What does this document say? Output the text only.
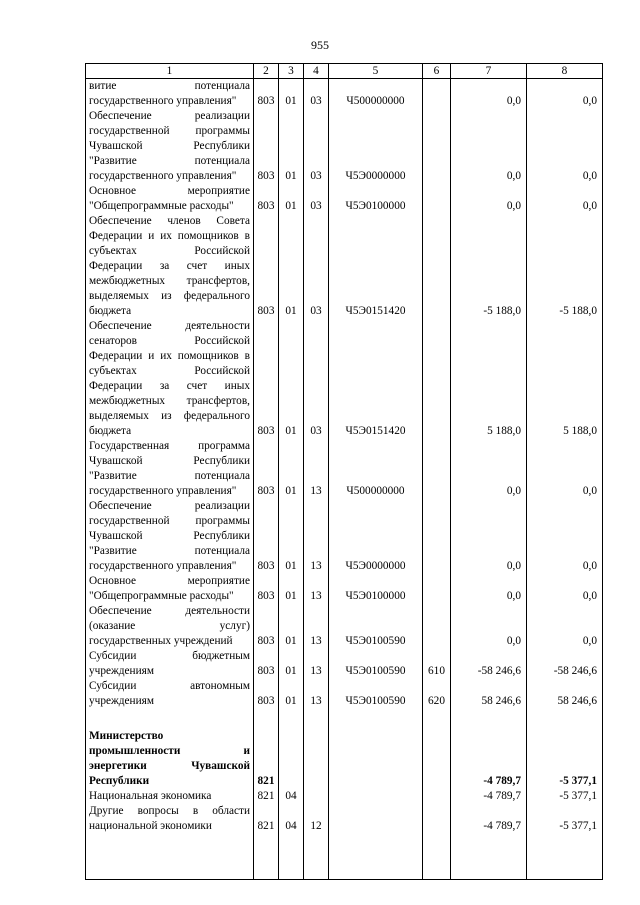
955
1	2	3	4	5	6	7	8
витие потенциала государственного управления"	803	01	03	Ч500000000		0,0	0,0
Обеспечение реализации государственной программы Чувашской Республики "Развитие потенциала государственного управления"	803	01	03	Ч5Э0000000		0,0	0,0
Основное мероприятие "Общепрограммные расходы"	803	01	03	Ч5Э0100000		0,0	0,0
Обеспечение членов Совета Федерации и их помощников в субъектах Российской Федерации за счет иных межбюджетных трансфертов, выделяемых из федерального бюджета	803	01	03	Ч5Э0151420		-5 188,0	-5 188,0
Обеспечение деятельности сенаторов Российской Федерации и их помощников в субъектах Российской Федерации за счет иных межбюджетных трансфертов, выделяемых из федерального бюджета	803	01	03	Ч5Э0151420		5 188,0	5 188,0
Государственная программа Чувашской Республики "Развитие потенциала государственного управления"	803	01	13	Ч500000000		0,0	0,0
Обеспечение реализации государственной программы Чувашской Республики "Развитие потенциала государственного управления"	803	01	13	Ч5Э0000000		0,0	0,0
Основное мероприятие "Общепрограммные расходы"	803	01	13	Ч5Э0100000		0,0	0,0
Обеспечение деятельности (оказание услуг) государственных учреждений	803	01	13	Ч5Э0100590		0,0	0,0
Субсидии бюджетным учреждениям	803	01	13	Ч5Э0100590	610	-58 246,6	-58 246,6
Субсидии автономным учреждениям	803	01	13	Ч5Э0100590	620	58 246,6	58 246,6

Министерство промышленности и энергетики Чувашской Республики	821					-4 789,7	-5 377,1
Национальная экономика	821	04				-4 789,7	-5 377,1
Другие вопросы в области национальной экономики	821	04	12			-4 789,7	-5 377,1
